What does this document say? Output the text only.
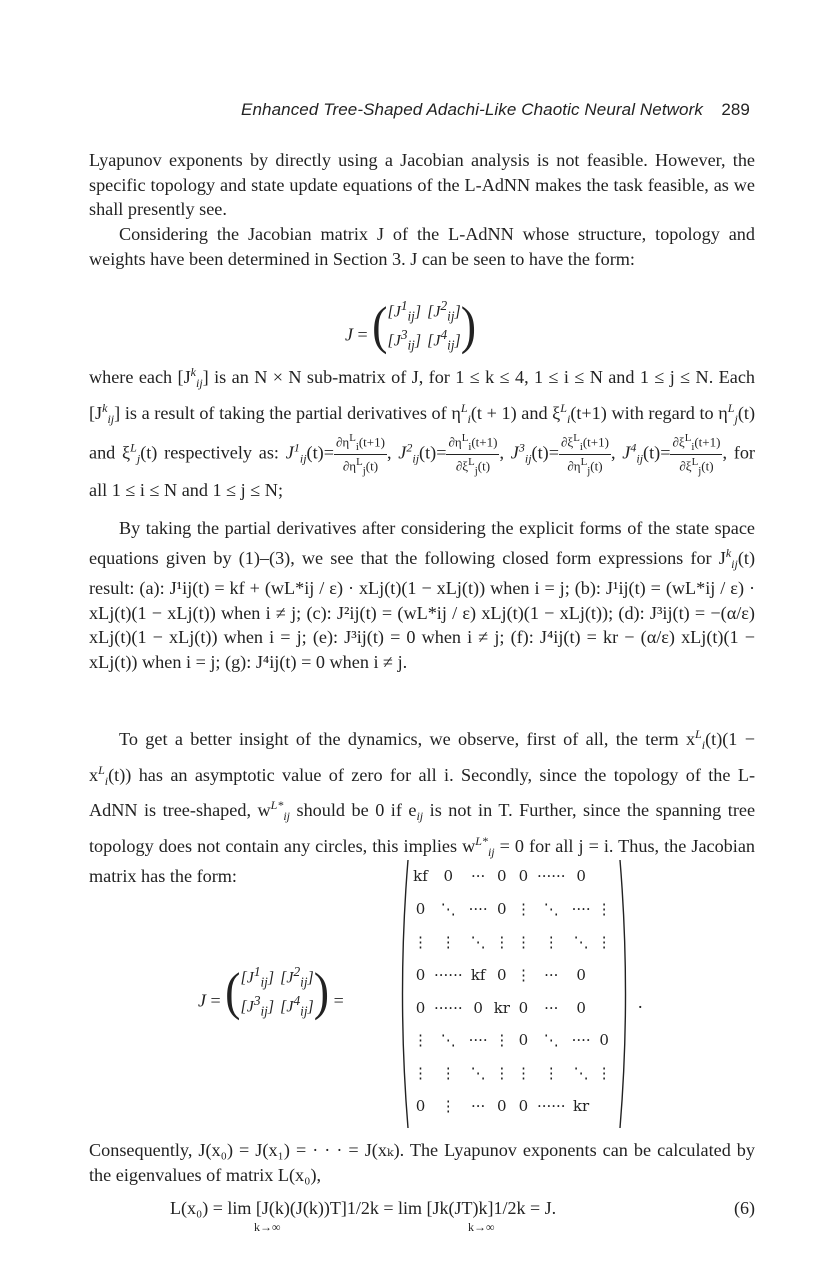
Enhanced Tree-Shaped Adachi-Like Chaotic Neural Network 289
Lyapunov exponents by directly using a Jacobian analysis is not feasible. However, the specific topology and state update equations of the L-AdNN makes the task feasible, as we shall presently see.
Considering the Jacobian matrix J of the L-AdNN whose structure, topology and weights have been determined in Section 3. J can be seen to have the form:
J = ( $[J^1_{ij}]$ $[J^2_{ij}]$
$[J^3_{ij}]$ $[J^4_{ij}]$ )
where each $[J^k_{ij}]$ is an N × N sub-matrix of J, for 1 ≤ k ≤ 4, 1 ≤ i ≤ N and 1 ≤ j ≤ N. Each $[J^k_{ij}]$ is a result of taking the partial derivatives of $\eta^L_i(t + 1)$ and $\xi^L_i(t+1)$ with regard to $\eta^L_j(t)$ and $\xi^L_j(t)$ respectively as: $J^1_{ij}(t)= \frac{\partial\eta^L_i(t+1)}{\partial\eta^L_j(t)}$ , $J^2_{ij}(t)= \frac{\partial\eta^L_i(t+1)}{\partial\xi^L_j(t)}$ , $J^3_{ij}(t)= \frac{\partial\xi^L_i(t+1)}{\partial\eta^L_j(t)}$ , $J^4_{ij}(t)= \frac{\partial\xi^L_i(t+1)}{\partial\xi^L_j(t)}$ , for all 1 ≤ i ≤ N and 1 ≤ j ≤ N;
By taking the partial derivatives after considering the explicit forms of the state space equations given by (1)–(3), we see that the following closed form expressions for $J^k_{ij}(t)$ result: (a): J¹ij(t) = kf + (wL*ij / ε) · xLj(t)(1 − xLj(t)) when i = j; (b): J¹ij(t) = (wL*ij / ε) · xLj(t)(1 − xLj(t)) when i ≠ j; (c): J²ij(t) = (wL*ij / ε) xLj(t)(1 − xLj(t)); (d): J³ij(t) = −(α/ε) xLj(t)(1 − xLj(t)) when i = j; (e): J³ij(t) = 0 when i ≠ j; (f): J⁴ij(t) = kr − (α/ε) xLj(t)(1 − xLj(t)) when i = j; (g): J⁴ij(t) = 0 when i ≠ j.
To get a better insight of the dynamics, we observe, first of all, the term $x^L_i(t)(1 - x^L_i(t))$ has an asymptotic value of zero for all i. Secondly, since the topology of the L-AdNN is tree-shaped, $w^{L*}_{ij}$ should be 0 if $e_{ij}$ is not in T. Further, since the spanning tree topology does not contain any circles, this implies $w^{L*}_{ij} = 0$ for all j = i. Thus, the Jacobian matrix has the form:
J = ( $[J^1_{ij}]$ $[J^2_{ij}]$
$[J^3_{ij}]$ $[J^4_{ij}]$ ) =
kf	0	···	0	0	······	0	
0	⋱	····	0	⋮	⋱	····	⋮
⋮	⋮	⋱	⋮	⋮	⋮	⋱	⋮
0	······	kf	0	⋮	···	0	
0	······	0	kr	0	···	0	
⋮	⋱	····	⋮	0	⋱	····	0
⋮	⋮	⋱	⋮	⋮	⋮	⋱	⋮
0	⋮	···	0	0	······	kr	
.
Consequently, J(x₀) = J(x₁) = · · · = J(xₖ). The Lyapunov exponents can be calculated by the eigenvalues of matrix L(x₀),
L(x₀) = lim [J(k)(J(k))T]1/2k = lim [Jk(JT)k]1/2k = J.	(6)
k→∞	k→∞
